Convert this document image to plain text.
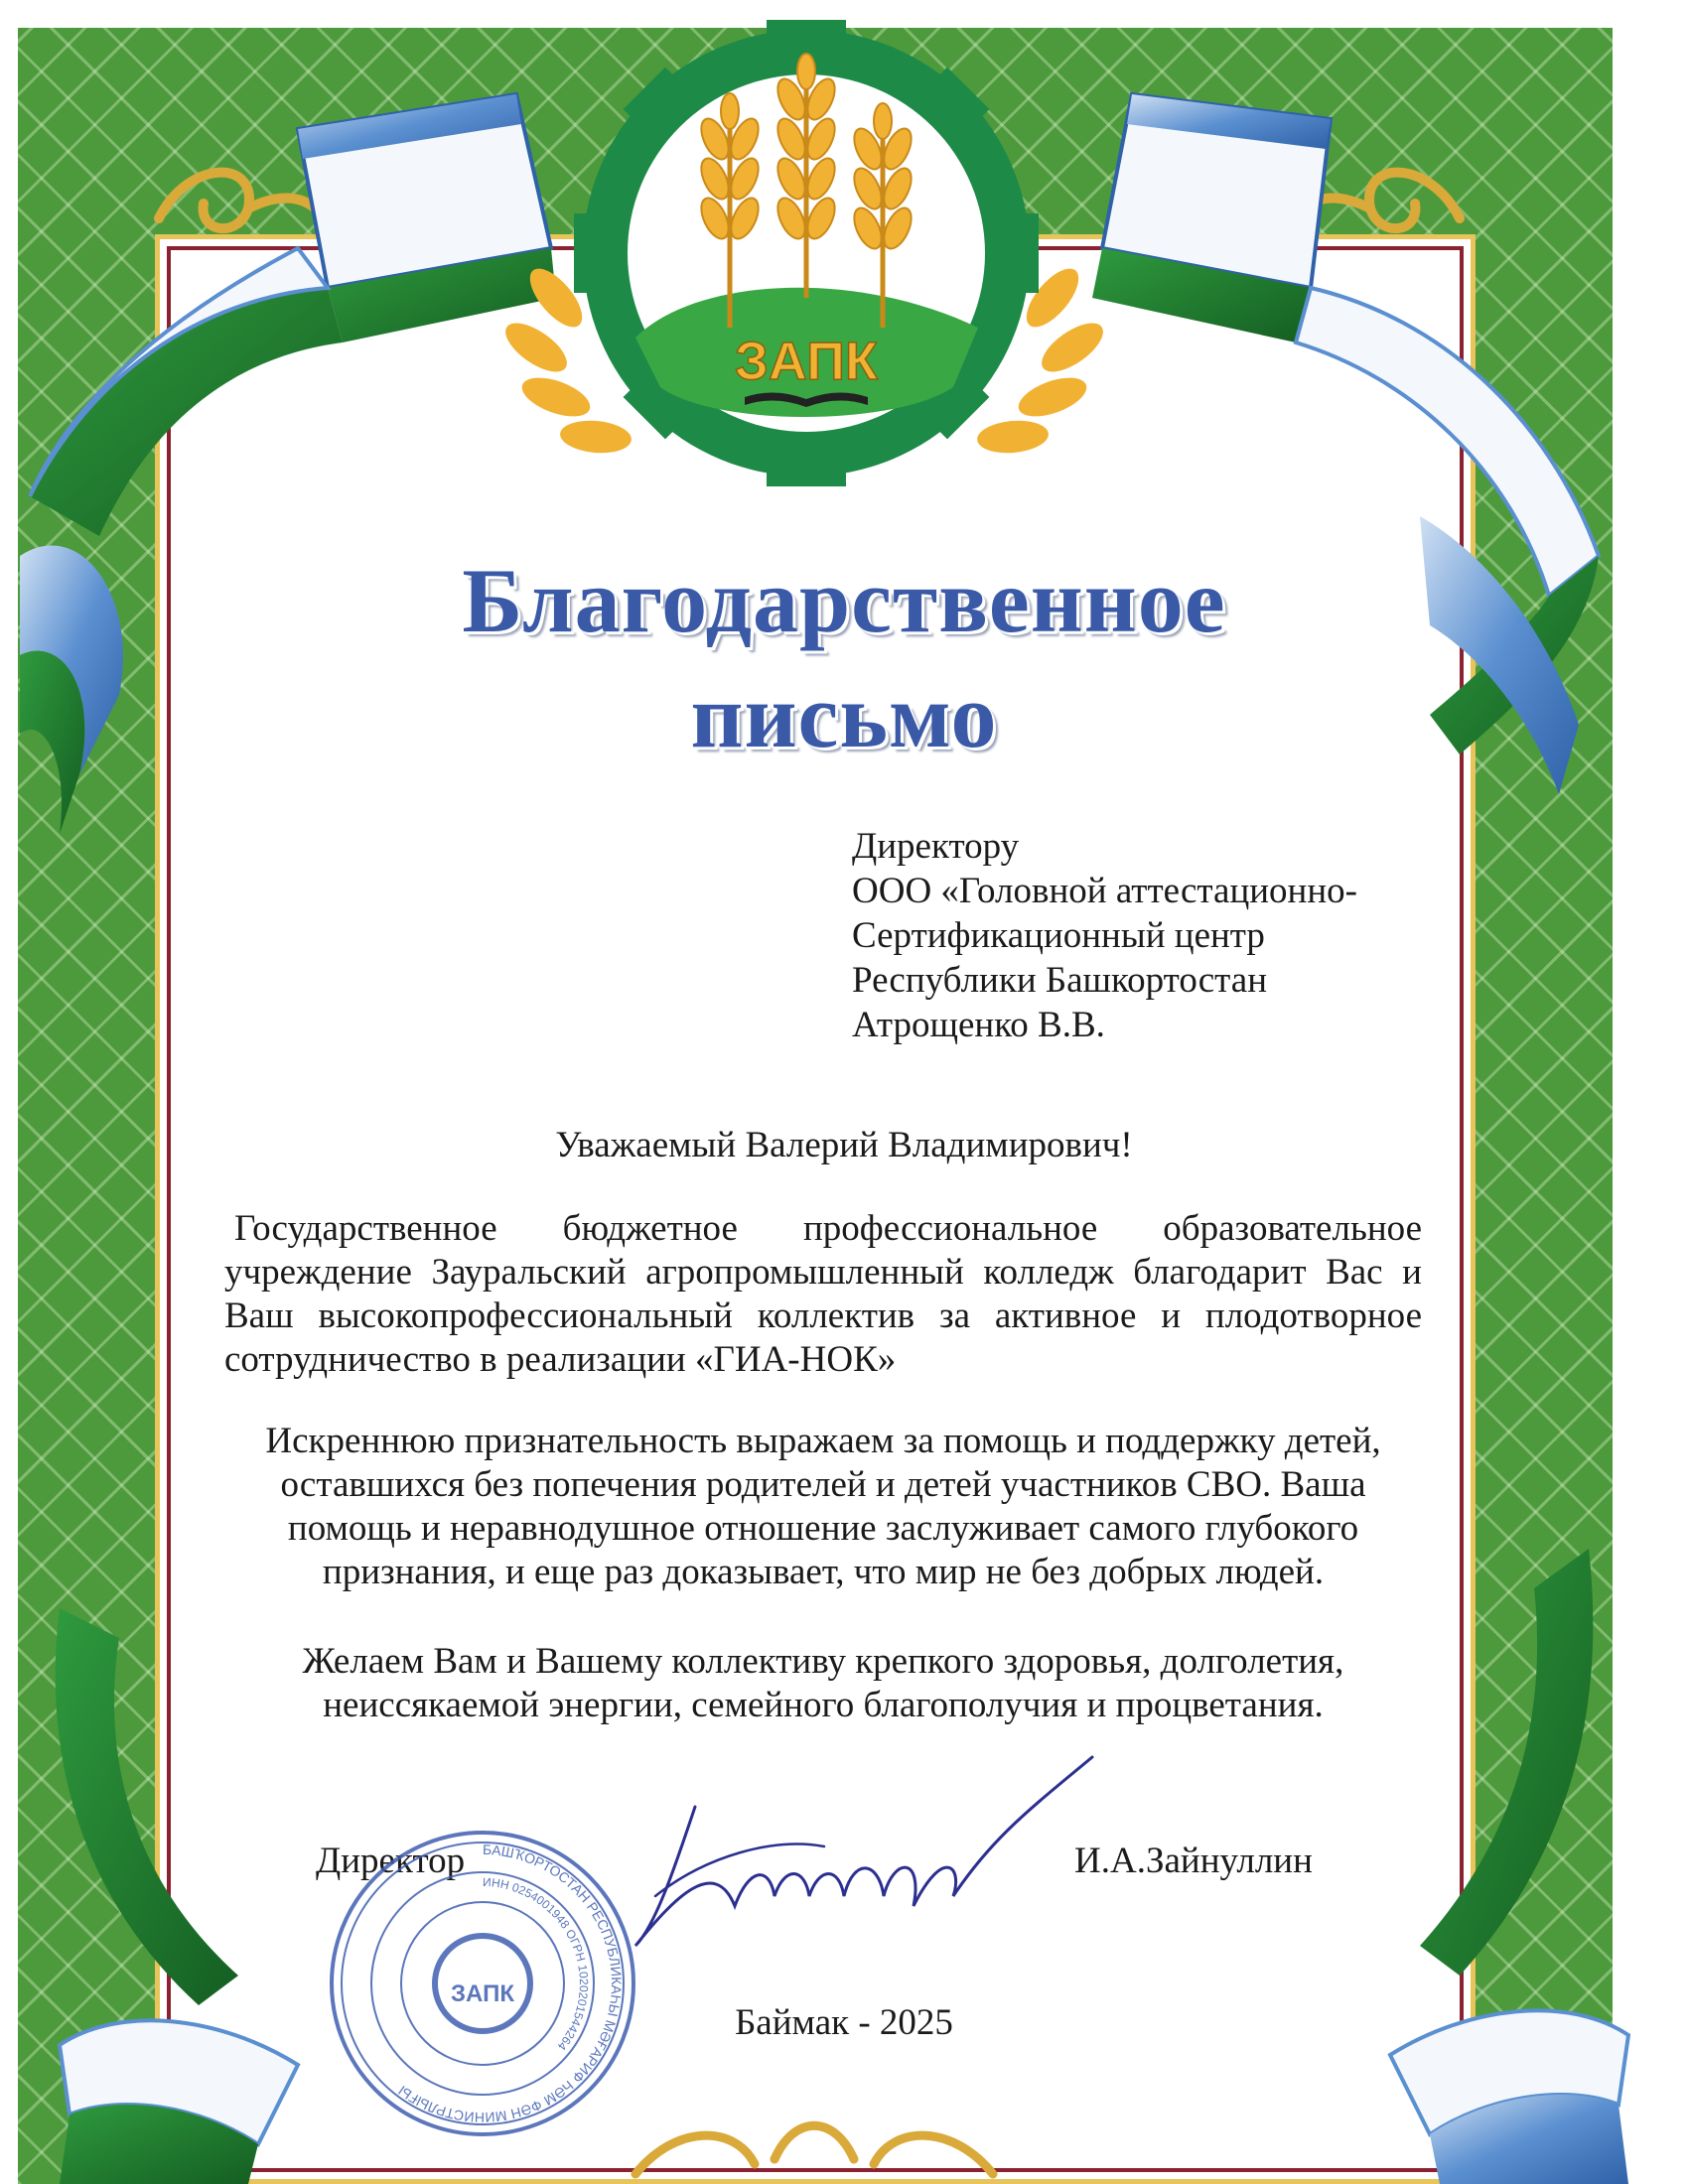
ЗАПК
Благодарственное
письмо
Директору
ООО «Головной аттестационно-
Сертификационный центр
Республики Башкортостан
Атрощенко В.В.
Уважаемый Валерий Владимирович!
Государственное бюджетное профессиональное образовательное учреждение Зауральский агропромышленный колледж благодарит Вас и Ваш высокопрофессиональный коллектив за активное и плодотворное сотрудничество в реализации «ГИА-НОК»
Искреннюю признательность выражаем за помощь и поддержку детей, оставшихся без попечения родителей и детей участников СВО. Ваша помощь и неравнодушное отношение заслуживает самого глубокого признания, и еще раз доказывает, что мир не без добрых людей.
Желаем Вам и Вашему коллективу крепкого здоровья, долголетия, неиссякаемой энергии, семейного благополучия и процветания.
Директор	И.А.Зайнуллин
БАШҠОРТОСТАН РЕСПУБЛИКАҺЫ МӘҒАРИФ ҺӘМ ФӘН МИНИСТРЛЫҒЫ
ИНН 0254001948 ОГРН 1020201544264
ЗАПК
Баймак - 2025
